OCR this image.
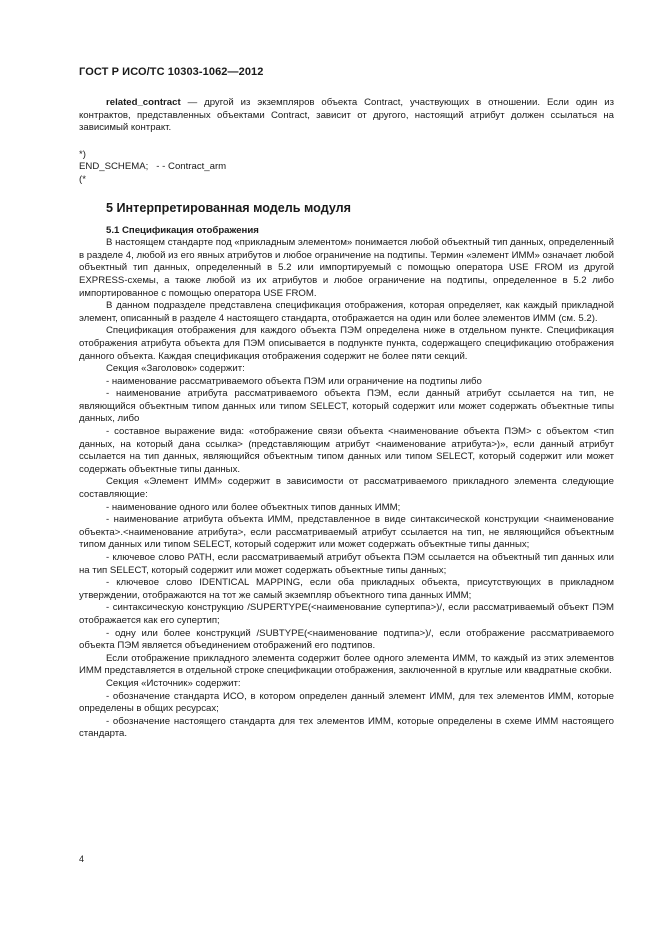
ГОСТ Р ИСО/ТС 10303-1062—2012

related_contract — другой из экземпляров объекта Contract, участвующих в отношении. Если один из контрактов, представленных объектами Contract, зависит от другого, настоящий атрибут должен ссылаться на зависимый контракт.

*)

END_SCHEMA;   - - Contract_arm

(*

5 Интерпретированная модель модуля

5.1 Спецификация отображения

В настоящем стандарте под «прикладным элементом» понимается любой объектный тип данных, определенный в разделе 4, любой из его явных атрибутов и любое ограничение на подтипы. Термин «элемент ИММ» означает любой объектный тип данных, определенный в 5.2 или импортируемый с помощью оператора USE FROM из другой EXPRESS-схемы, а также любой из их атрибутов и любое ограничение на подтипы, определенное в 5.2 либо импортированное с помощью оператора USE FROM.

В данном подразделе представлена спецификация отображения, которая определяет, как каждый прикладной элемент, описанный в разделе 4 настоящего стандарта, отображается на один или более элементов ИММ (см. 5.2).

Спецификация отображения для каждого объекта ПЭМ определена ниже в отдельном пункте. Спецификация отображения атрибута объекта для ПЭМ описывается в подпункте пункта, содержащего спецификацию отображения данного объекта. Каждая спецификация отображения содержит не более пяти секций.

Секция «Заголовок» содержит:

- наименование рассматриваемого объекта ПЭМ или ограничение на подтипы либо

- наименование атрибута рассматриваемого объекта ПЭМ, если данный атрибут ссылается на тип, не являющийся объектным типом данных или типом SELECT, который содержит или может содержать объектные типы данных, либо

- составное выражение вида: «отображение связи объекта <наименование объекта ПЭМ> с объектом <тип данных, на который дана ссылка> (представляющим атрибут <наименование атрибута>)», если данный атрибут ссылается на тип данных, являющийся объектным типом данных или типом SELECT, который содержит или может содержать объектные типы данных.

Секция «Элемент ИММ» содержит в зависимости от рассматриваемого прикладного элемента следующие составляющие:

- наименование одного или более объектных типов данных ИММ;

- наименование атрибута объекта ИММ, представленное в виде синтаксической конструкции <наименование объекта>.<наименование атрибута>, если рассматриваемый атрибут ссылается на тип, не являющийся объектным типом данных или типом SELECT, который содержит или может содержать объектные типы данных;

- ключевое слово PATH, если рассматриваемый атрибут объекта ПЭМ ссылается на объектный тип данных или на тип SELECT, который содержит или может содержать объектные типы данных;

- ключевое слово IDENTICAL MAPPING, если оба прикладных объекта, присутствующих в прикладном утверждении, отображаются на тот же самый экземпляр объектного типа данных ИММ;

- синтаксическую конструкцию /SUPERTYPE(<наименование супертипа>)/, если рассматриваемый объект ПЭМ отображается как его супертип;

- одну или более конструкций /SUBTYPE(<наименование подтипа>)/, если отображение рассматриваемого объекта ПЭМ является объединением отображений его подтипов.

Если отображение прикладного элемента содержит более одного элемента ИММ, то каждый из этих элементов ИММ представляется в отдельной строке спецификации отображения, заключенной в круглые или квадратные скобки.

Секция «Источник» содержит:

- обозначение стандарта ИСО, в котором определен данный элемент ИММ, для тех элементов ИММ, которые определены в общих ресурсах;

- обозначение настоящего стандарта для тех элементов ИММ, которые определены в схеме ИММ настоящего стандарта.

4
